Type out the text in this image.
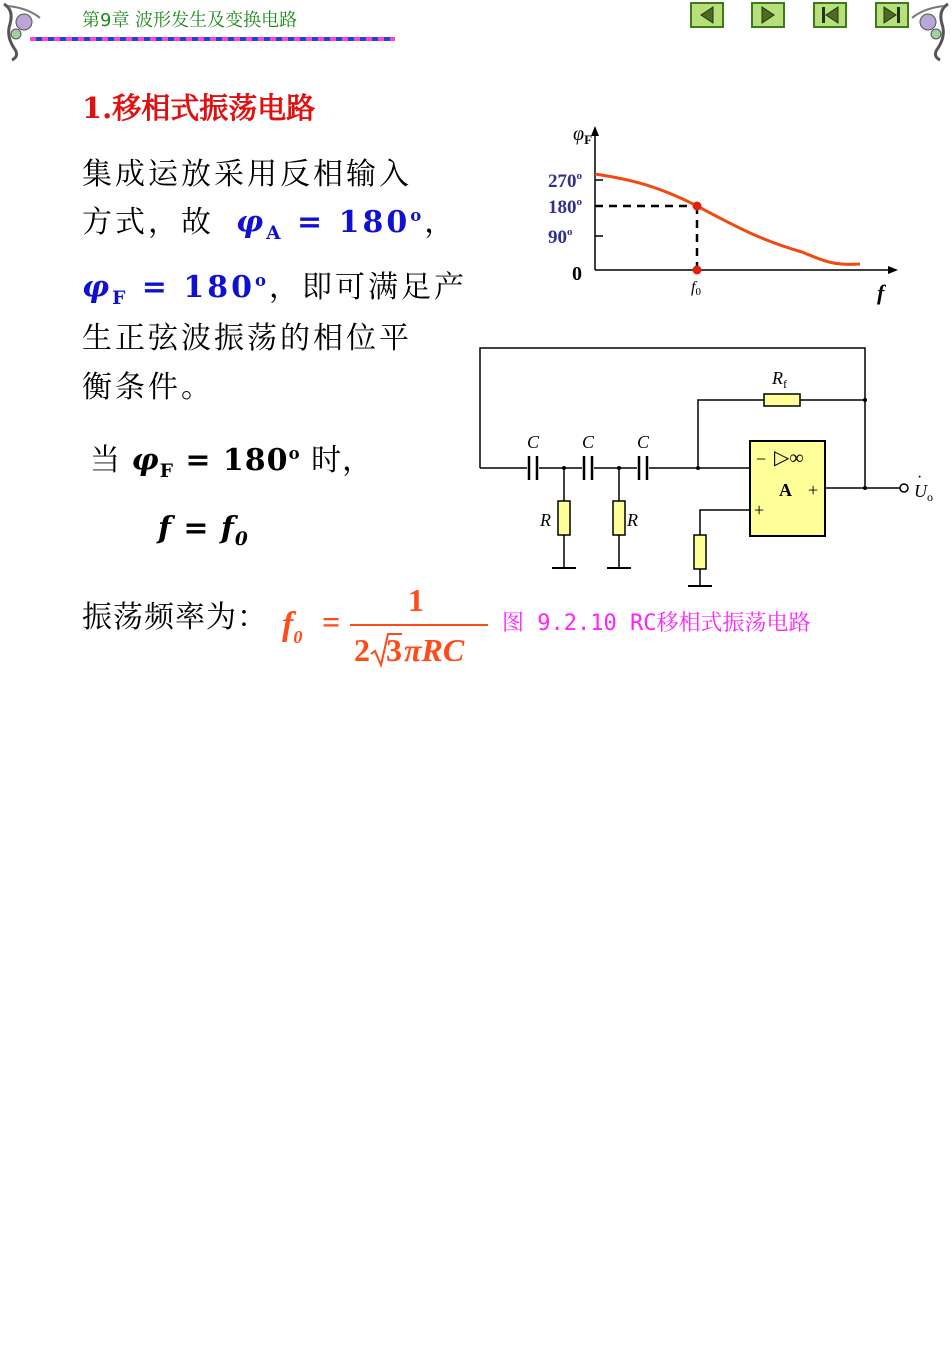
第9章 波形发生及变换电路
1.移相式振荡电路
集成运放采用反相输入
方式，故 $\varphi_A = 180^o$，
$\varphi_F = 180^o$，即可满足产
生正弦波振荡的相位平
衡条件。
当 $\varphi_F = 180^o$ 时，
$f = f_0$
振荡频率为： $f_0$ =
1
2 3 πRC
$\varphi_F$
f
0
270$^o$
180$^o$
90$^o$
f0
C C C
R	R
$R_f$
$U_o$
·
− ▷∞
A +
+
图 9.2.10 RC移相式振荡电路
